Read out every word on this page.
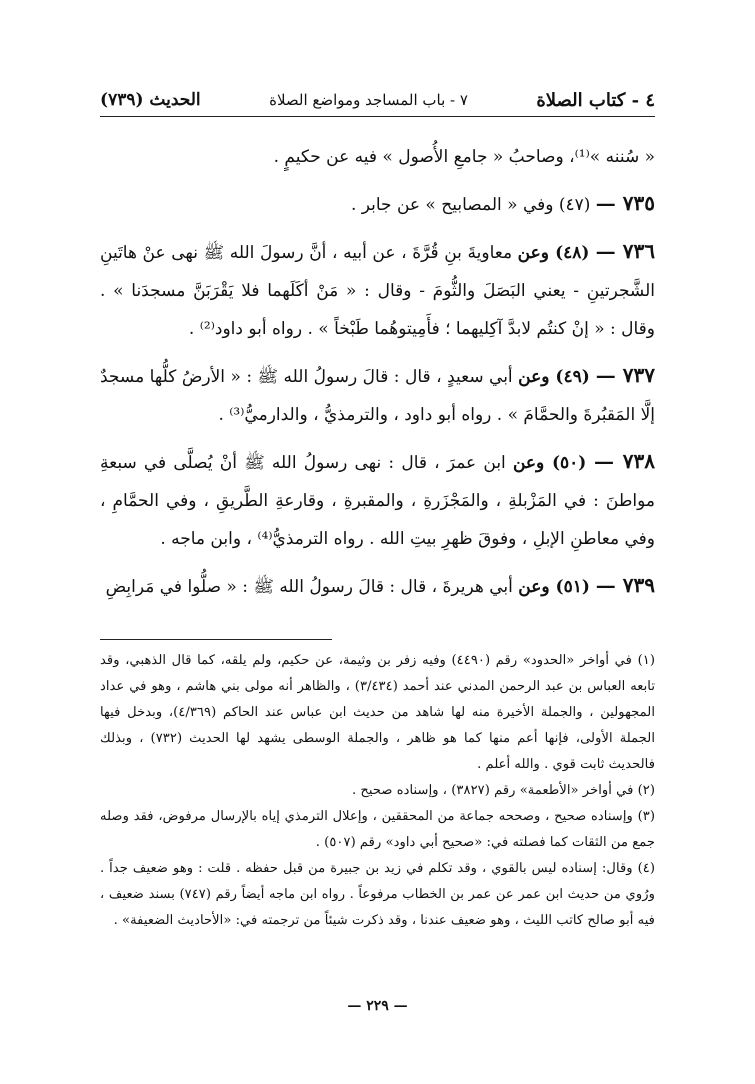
٤ - كتاب الصلاة
٧ - باب المساجد ومواضع الصلاة
الحديث (٧٣٩)

« سُننه »⁽¹⁾، وصاحبُ « جامعِ الأُصول » فيه عن حكيمٍ .

٧٣٥ — (٤٧) وفي « المصابيح » عن جابر .

٧٣٦ — (٤٨) وعن معاويةَ بنِ قُرَّةَ ، عن أبيه ، أنَّ رسولَ الله ﷺ نهى عنْ هاتَينِ الشَّجرتينِ - يعني البَصَلَ والثُّومَ - وقال : « مَنْ أكَلَهما فلا يَقْرَبَنَّ مسجدَنا » . وقال : « إنْ كنتُم لابدَّ آكِليهما ؛ فأَمِيتوهُما طَبْخاً » . رواه أبو داود⁽²⁾ .

٧٣٧ — (٤٩) وعن أبي سعيدٍ ، قال : قالَ رسولُ الله ﷺ : « الأرضُ كلُّها مسجدٌ إلَّا المَقبُرةَ والحمَّامَ » . رواه أبو داود ، والترمذيُّ ، والدارميُّ⁽³⁾ .

٧٣٨ — (٥٠) وعن ابن عمرَ ، قال : نهى رسولُ الله ﷺ أنْ يُصلَّى في سبعةِ مواطنَ : في المَزْبلةِ ، والمَجْزَرةِ ، والمقبرةِ ، وقارعةِ الطَّريقِ ، وفي الحمَّامِ ، وفي معاطنِ الإبلِ ، وفوقَ ظهرِ بيتِ الله . رواه الترمذيُّ⁽⁴⁾ ، وابن ماجه .

٧٣٩ — (٥١) وعن أبي هريرةَ ، قال : قالَ رسولُ الله ﷺ : « صلُّوا في مَرابِضِ

(١) في أواخر «الحدود» رقم (٤٤٩٠) وفيه زفر بن وثيمة، عن حكيم، ولم يلقه، كما قال الذهبي، وقد تابعه العباس بن عبد الرحمن المدني عند أحمد (٣/٤٣٤) ، والظاهر أنه مولى بني هاشم ، وهو في عداد المجهولين ، والجملة الأخيرة منه لها شاهد من حديث ابن عباس عند الحاكم (٤/٣٦٩)، وبدخل فيها الجملة الأولى، فإنها أعم منها كما هو ظاهر ، والجملة الوسطى يشهد لها الحديث (٧٣٢) ، وبذلك فالحديث ثابت قوي . والله أعلم .

(٢) في أواخر «الأطعمة» رقم (٣٨٢٧) ، وإسناده صحيح .

(٣) وإسناده صحيح ، وصححه جماعة من المحققين ، وإعلال الترمذي إياه بالإرسال مرفوض، فقد وصله جمع من الثقات كما فصلته في: «صحيح أبي داود» رقم (٥٠٧) .

(٤) وقال: إسناده ليس بالقوي ، وقد تكلم في زيد بن جبيرة من قبل حفظه . قلت : وهو ضعيف جداً . ورُوي من حديث ابن عمر عن عمر بن الخطاب مرفوعاً . رواه ابن ماجه أيضاً رقم (٧٤٧) بسند ضعيف ، فيه أبو صالح كاتب الليث ، وهو ضعيف عندنا ، وقد ذكرت شيئاً من ترجمته في: «الأحاديث الضعيفة» .

— ٢٢٩ —
